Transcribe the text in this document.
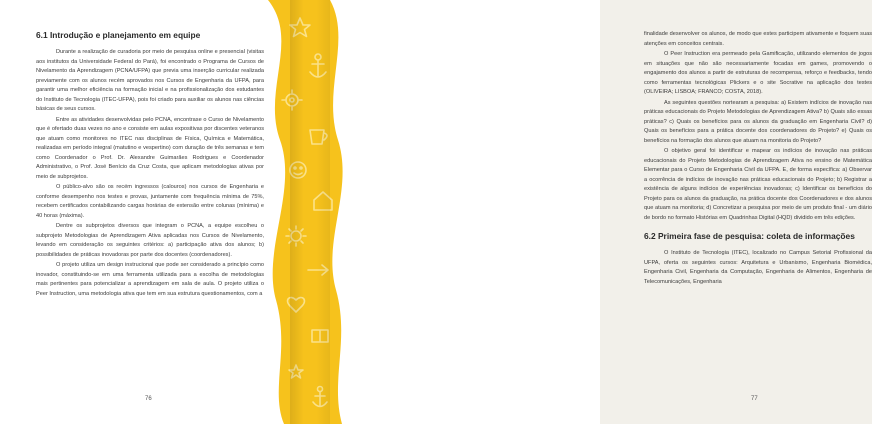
6.1 Introdução e planejamento em equipe

Durante a realização de curadoria por meio de pesquisa online e presencial (visitas aos institutos da Universidade Federal do Pará), foi encontrado o Programa de Cursos de Nivelamento da Aprendizagem (PCNA/UFPA) que previa uma inserção curricular realizada previamente com os alunos recém aprovados nos Cursos de Engenharia da UFPA, para garantir uma melhor eficiência na formação inicial e na profissionalização dos estudantes do Instituto de Tecnologia (ITEC-UFPA), pois foi criado para auxiliar os alunos nas ciências básicas de seus cursos.

Entre as atividades desenvolvidas pelo PCNA, encontrase o Curso de Nivelamento que é ofertado duas vezes no ano e consiste em aulas expositivas por discentes veteranos que atuam como monitores no ITEC nas disciplinas de Física, Química e Matemática, realizadas em período integral (matutino e vespertino) com duração de três semanas e tem como Coordenador o Prof. Dr. Alexandre Guimarães Rodrigues e Coordenador Administrativo, o Prof. José Benício da Cruz Costa, que aplicam metodologias ativas por meio de subprojetos.

O público-alvo são os recém ingressos (calouros) nos cursos de Engenharia e conforme desempenho nos testes e provas, juntamente com frequência mínima de 75%, recebem certificados contabilizando cargas horárias de extensão entre colunas (mínima) e 40 horas (máxima).

Dentre os subprojetos diversos que integram o PCNA, a equipe escolheu o subprojeto Metodologias de Aprendizagem Ativa aplicadas nos Cursos de Nivelamento, levando em consideração os seguintes critérios: a) participação ativa dos alunos; b) possibilidades de práticas inovadoras por parte dos docentes (coordenadores).

O projeto utiliza um design instrucional que pode ser considerado a princípio como inovador, constituindo-se em uma ferramenta utilizada para a escolha de metodologias mais pertinentes para potencializar a aprendizagem em sala de aula. O projeto utiliza o Peer Instruction, uma metodologia ativa que tem em sua estrutura questionamentos, com a

76

finalidade desenvolver os alunos, de modo que estes participem ativamente e foquem suas atenções em conceitos centrais.

O Peer Instruction era permeado pela Gamificação, utilizando elementos de jogos em situações que não são necessariamente focadas em games, promovendo o engajamento dos alunos a partir de estruturas de recompensa, reforço e feedbacks, tendo como ferramentas tecnológicas Plickers e o site Socrative na aplicação dos testes (OLIVEIRA; LISBOA; FRANCO; COSTA, 2018).

As seguintes questões nortearam a pesquisa: a) Existem indícios de inovação nas práticas educacionais do Projeto Metodologias de Aprendizagem Ativa? b) Quais são essas práticas? c) Quais os benefícios para os alunos da graduação em Engenharia Civil? d) Quais os benefícios para a prática docente dos coordenadores do Projeto? e) Quais os benefícios na formação dos alunos que atuam na monitoria do Projeto?

O objetivo geral foi identificar e mapear os indícios de inovação nas práticas educacionais do Projeto Metodologias de Aprendizagem Ativa no ensino de Matemática Elementar para o Curso de Engenharia Civil da UFPA. E, de forma específica: a) Observar a ocorrência de indícios de inovação nas práticas educacionais do Projeto; b) Registrar a existência de alguns indícios de experiências inovadoras; c) Identificar os benefícios do Projeto para os alunos da graduação, na prática docente dos Coordenadores e dos alunos que atuam na monitoria; d) Concretizar a pesquisa por meio de um produto final - um diário de bordo no formato Histórias em Quadrinhas Digital (HQD) dividido em três edições.

6.2 Primeira fase de pesquisa: coleta de informações

O Instituto de Tecnologia (ITEC), localizado no Campus Setorial Profissional da UFPA, oferta os seguintes cursos: Arquitetura e Urbanismo, Engenharia Biomédica, Engenharia Civil, Engenharia da Computação, Engenharia de Alimentos, Engenharia de Telecomunicações, Engenharia

77
